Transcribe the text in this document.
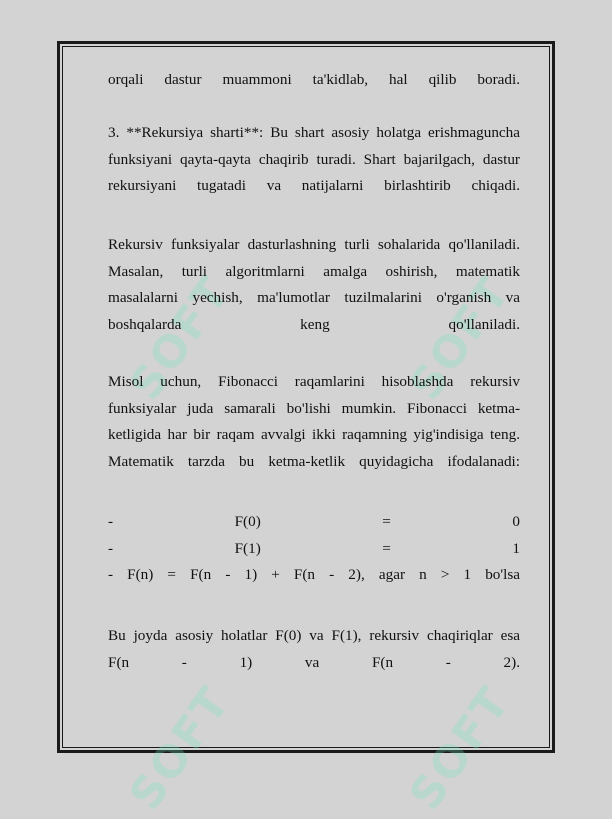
SOFT	SOFT
SOFT	SOFT
orqali dastur muammoni ta'kidlab, hal qilib boradi.
3. **Rekursiya sharti**: Bu shart asosiy holatga erishmaguncha
funksiyani qayta-qayta chaqirib turadi. Shart bajarilgach, dastur
rekursiyani tugatadi va natijalarni birlashtirib chiqadi.
Rekursiv funksiyalar dasturlashning turli sohalarida qo'llaniladi.
Masalan, turli algoritmlarni amalga oshirish, matematik
masalalarni yechish, ma'lumotlar tuzilmalarini o'rganish va
boshqalarda keng qo'llaniladi.
Misol uchun, Fibonacci raqamlarini hisoblashda rekursiv
funksiyalar juda samarali bo'lishi mumkin. Fibonacci ketma-
ketligida har bir raqam avvalgi ikki raqamning yig'indisiga teng.
Matematik tarzda bu ketma-ketlik quyidagicha ifodalanadi:
-	F(0)	=	0
-	F(1)	=	1
- F(n) = F(n - 1) + F(n - 2), agar n > 1 bo'lsa
Bu joyda asosiy holatlar F(0) va F(1), rekursiv chaqiriqlar esa
F(n - 1) va F(n - 2).
